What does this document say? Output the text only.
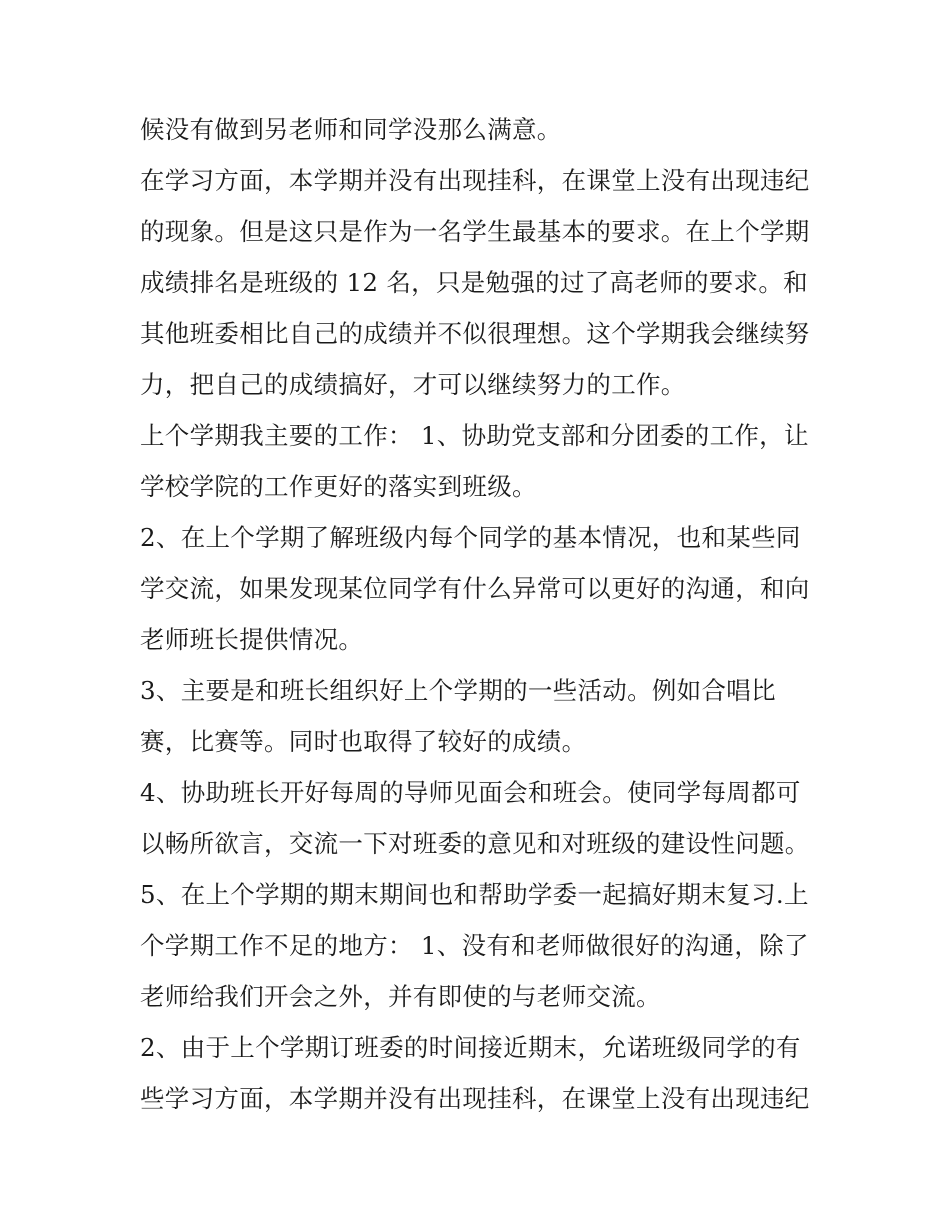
候没有做到另老师和同学没那么满意。
在学习方面，本学期并没有出现挂科，在课堂上没有出现违纪
的现象。但是这只是作为一名学生最基本的要求。在上个学期
成绩排名是班级的 12 名，只是勉强的过了高老师的要求。和
其他班委相比自己的成绩并不似很理想。这个学期我会继续努
力，把自己的成绩搞好，才可以继续努力的工作。
上个学期我主要的工作： 1、协助党支部和分团委的工作，让
学校学院的工作更好的落实到班级。
2、在上个学期了解班级内每个同学的基本情况，也和某些同
学交流，如果发现某位同学有什么异常可以更好的沟通，和向
老师班长提供情况。
3、主要是和班长组织好上个学期的一些活动。例如合唱比
赛，比赛等。同时也取得了较好的成绩。
4、协助班长开好每周的导师见面会和班会。使同学每周都可
以畅所欲言，交流一下对班委的意见和对班级的建设性问题。
5、在上个学期的期末期间也和帮助学委一起搞好期末复习.上
个学期工作不足的地方： 1、没有和老师做很好的沟通，除了
老师给我们开会之外，并有即使的与老师交流。
2、由于上个学期订班委的时间接近期末，允诺班级同学的有
些学习方面，本学期并没有出现挂科，在课堂上没有出现违纪
